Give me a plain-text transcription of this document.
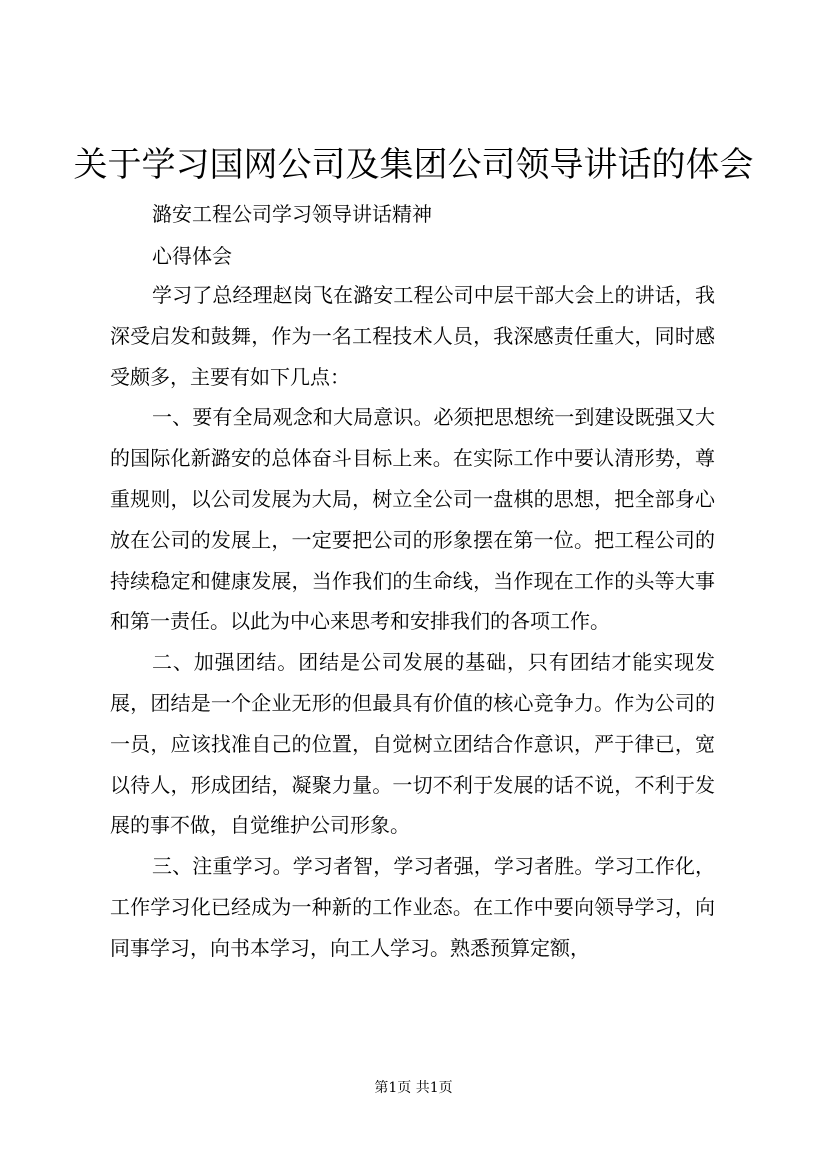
关于学习国网公司及集团公司领导讲话的体会
潞安工程公司学习领导讲话精神
心得体会

学习了总经理赵岗飞在潞安工程公司中层干部大会上的讲话，我深受启发和鼓舞，作为一名工程技术人员，我深感责任重大，同时感受颇多，主要有如下几点：

一、要有全局观念和大局意识。必须把思想统一到建设既强又大的国际化新潞安的总体奋斗目标上来。在实际工作中要认清形势，尊重规则，以公司发展为大局，树立全公司一盘棋的思想，把全部身心放在公司的发展上，一定要把公司的形象摆在第一位。把工程公司的持续稳定和健康发展，当作我们的生命线，当作现在工作的头等大事和第一责任。以此为中心来思考和安排我们的各项工作。

二、加强团结。团结是公司发展的基础，只有团结才能实现发展，团结是一个企业无形的但最具有价值的核心竞争力。作为公司的一员，应该找准自己的位置，自觉树立团结合作意识，严于律已，宽以待人，形成团结，凝聚力量。一切不利于发展的话不说，不利于发展的事不做，自觉维护公司形象。

三、注重学习。学习者智，学习者强，学习者胜。学习工作化，工作学习化已经成为一种新的工作业态。在工作中要向领导学习，向同事学习，向书本学习，向工人学习。熟悉预算定额，

第1页 共1页
